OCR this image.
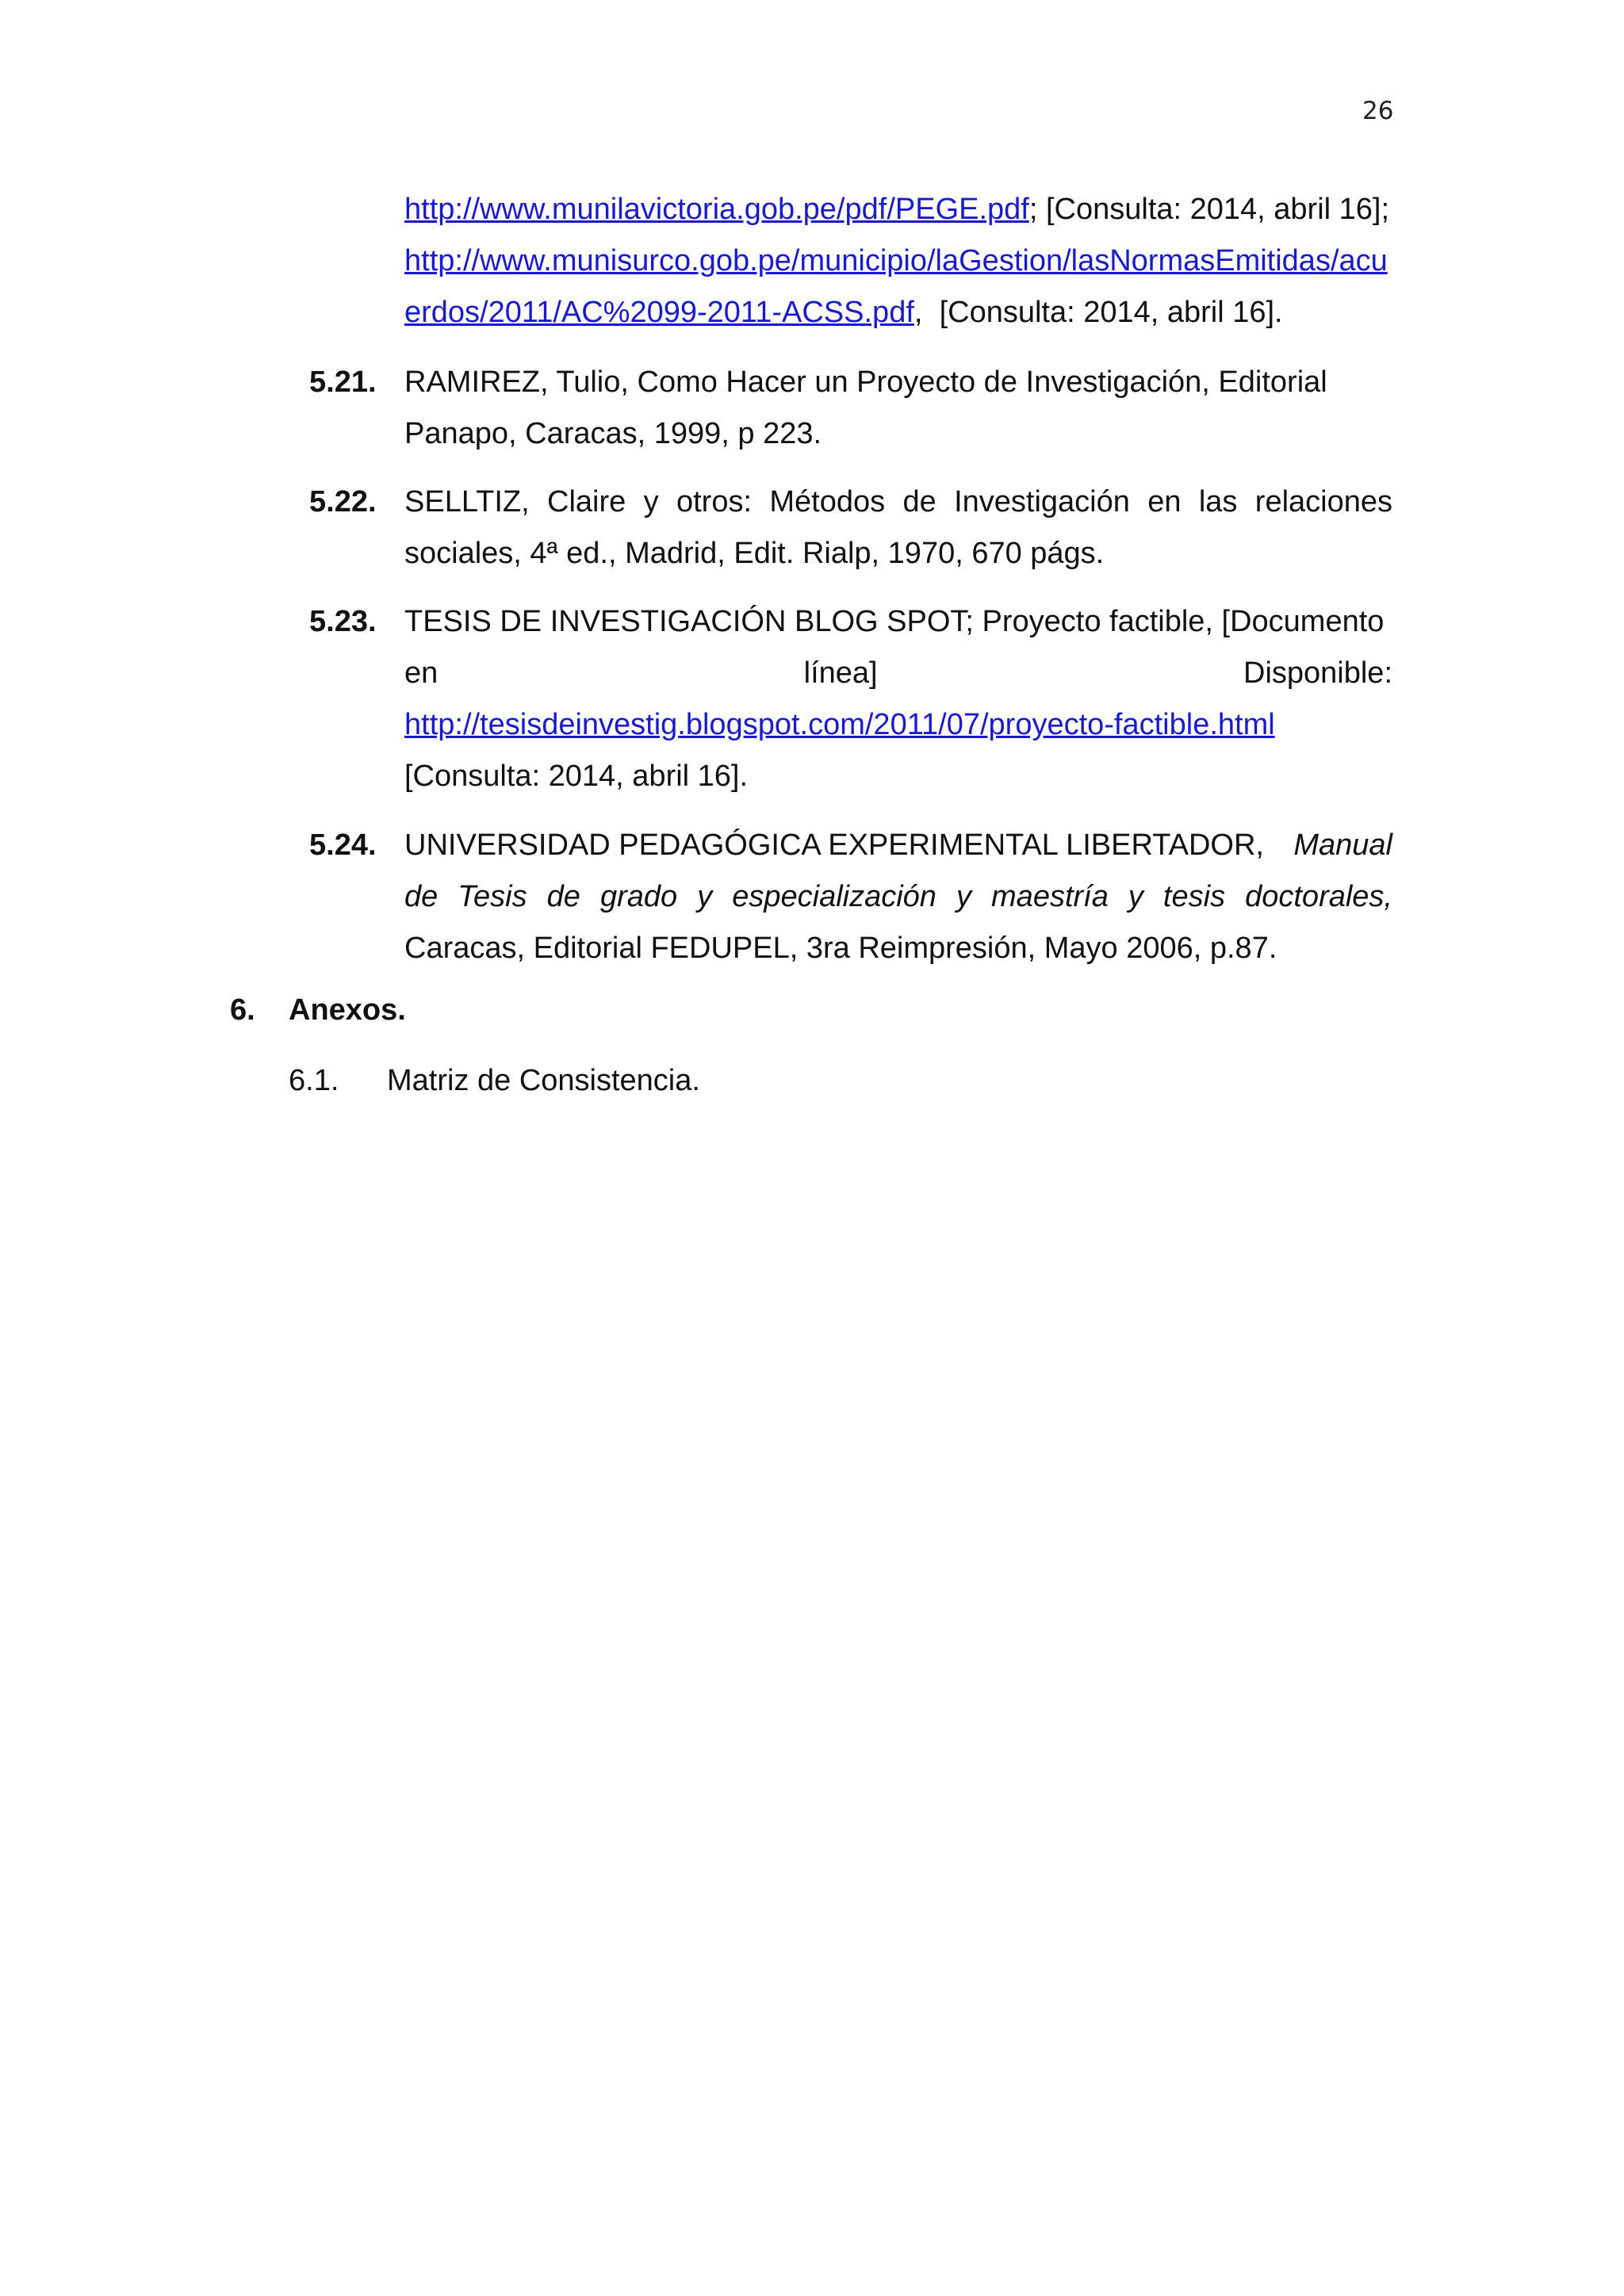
26
http://www.munilavictoria.gob.pe/pdf/PEGE.pdf; [Consulta: 2014, abril 16];
http://www.munisurco.gob.pe/municipio/laGestion/lasNormasEmitidas/acu
erdos/2011/AC%2099-2011-ACSS.pdf,  [Consulta: 2014, abril 16].
5.21. RAMIREZ, Tulio, Como Hacer un Proyecto de Investigación, Editorial
Panapo, Caracas, 1999, p 223.
5.22. SELLTIZ, Claire y otros: Métodos de Investigación en las relaciones
sociales, 4ª ed., Madrid, Edit. Rialp, 1970, 670 págs.
5.23. TESIS DE INVESTIGACIÓN BLOG SPOT; Proyecto factible, [Documento
en	línea]	Disponible:
http://tesisdeinvestig.blogspot.com/2011/07/proyecto-factible.html
[Consulta: 2014, abril 16].
5.24. UNIVERSIDAD PEDAGÓGICA EXPERIMENTAL LIBERTADOR, Manual
de Tesis de grado y especialización y maestría y tesis doctorales,
Caracas, Editorial FEDUPEL, 3ra Reimpresión, Mayo 2006, p.87.
6. Anexos.
6.1. Matriz de Consistencia.
